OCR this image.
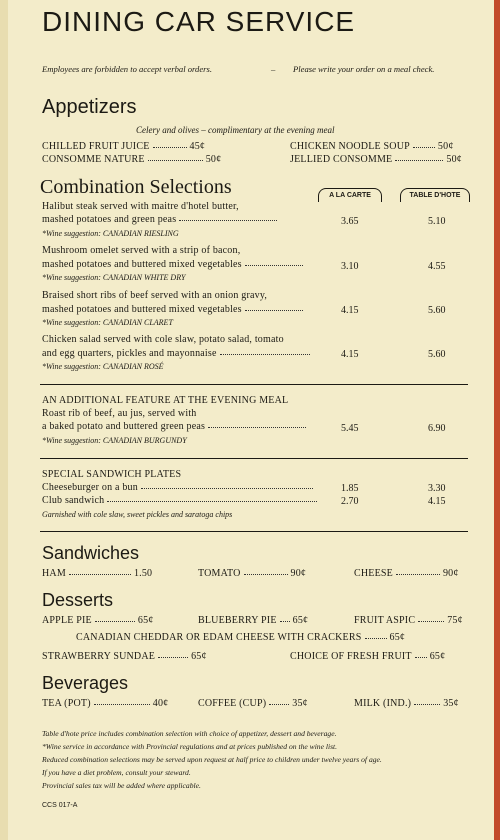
DINING CAR SERVICE
Employees are forbidden to accept verbal orders.	– Please write your order on a meal check.
Appetizers
Celery and olives – complimentary at the evening meal
CHILLED FRUIT JUICE	45¢
CONSOMME NATURE	50¢
CHICKEN NOODLE SOUP	50¢
JELLIED CONSOMME	50¢
Combination Selections	A LA CARTE	TABLE D'HOTE
Halibut steak served with maitre d'hotel butter,
mashed potatoes and green peas	3.65	5.10
*Wine suggestion: CANADIAN RIESLING
Mushroom omelet served with a strip of bacon,
mashed potatoes and buttered mixed vegetables	3.10	4.55
*Wine suggestion: CANADIAN WHITE DRY
Braised short ribs of beef served with an onion gravy,
mashed potatoes and buttered mixed vegetables	4.15	5.60
*Wine suggestion: CANADIAN CLARET
Chicken salad served with cole slaw, potato salad, tomato
and egg quarters, pickles and mayonnaise	4.15	5.60
*Wine suggestion: CANADIAN ROSÉ
AN ADDITIONAL FEATURE AT THE EVENING MEAL
Roast rib of beef, au jus, served with
a baked potato and buttered green peas	5.45	6.90
*Wine suggestion: CANADIAN BURGUNDY
SPECIAL SANDWICH PLATES
Cheeseburger on a bun	1.85	3.30
Club sandwich	2.70	4.15
Garnished with cole slaw, sweet pickles and saratoga chips
Sandwiches
HAM	1.50	TOMATO	90¢	CHEESE	90¢
Desserts
APPLE PIE	65¢	BLUEBERRY PIE 65¢	FRUIT ASPIC	75¢
CANADIAN CHEDDAR OR EDAM CHEESE WITH CRACKERS	65¢
STRAWBERRY SUNDAE	65¢	CHOICE OF FRESH FRUIT 65¢
Beverages
TEA (POT)	40¢	COFFEE (CUP)	35¢	MILK (IND.)	35¢
Table d'hote price includes combination selection with choice of appetizer, dessert and beverage.
*Wine service in accordance with Provincial regulations and at prices published on the wine list.
Reduced combination selections may be served upon request at half price to children under twelve years of age.
If you have a diet problem, consult your steward.
Provincial sales tax will be added where applicable.
CCS 017-A
